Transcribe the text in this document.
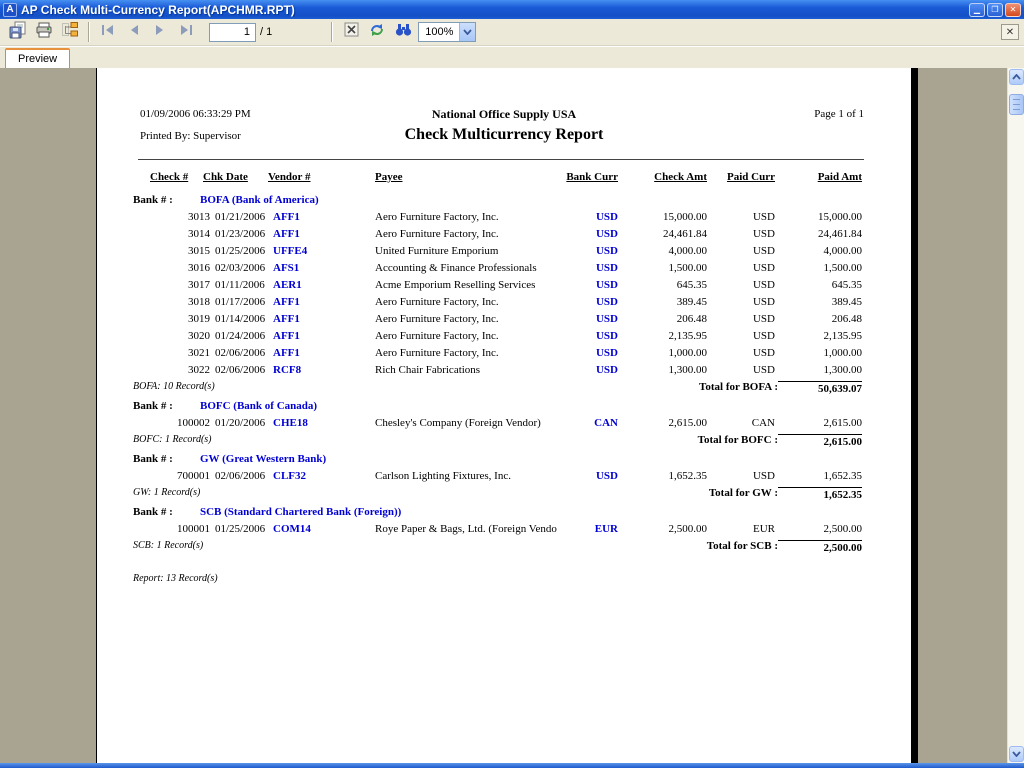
A AP Check Multi-Currency Report(APCHMR.RPT)	▁	❐	✕
1
/ 1	100%	✕
Preview
01/09/2006 06:33:29 PM	National Office Supply USA	Page 1 of 1
Printed By: Supervisor	Check Multicurrency Report
Check # Chk Date Vendor #	Payee	Bank Curr	Check Amt Paid Curr	Paid Amt
Bank # : BOFA (Bank of America)
3013 01/21/2006 AFF1	Aero Furniture Factory, Inc.	USD	15,000.00	USD	15,000.00
3014 01/23/2006 AFF1	Aero Furniture Factory, Inc.	USD	24,461.84	USD	24,461.84
3015 01/25/2006 UFFE4	United Furniture Emporium	USD	4,000.00	USD	4,000.00
3016 02/03/2006 AFS1	Accounting & Finance Professionals	USD	1,500.00	USD	1,500.00
3017 01/11/2006 AER1	Acme Emporium Reselling Services	USD	645.35	USD	645.35
3018 01/17/2006 AFF1	Aero Furniture Factory, Inc.	USD	389.45	USD	389.45
3019 01/14/2006 AFF1	Aero Furniture Factory, Inc.	USD	206.48	USD	206.48
3020 01/24/2006 AFF1	Aero Furniture Factory, Inc.	USD	2,135.95	USD	2,135.95
3021 02/06/2006 AFF1	Aero Furniture Factory, Inc.	USD	1,000.00	USD	1,000.00
3022 02/06/2006 RCF8	Rich Chair Fabrications	USD	1,300.00	USD	1,300.00
BOFA: 10 Record(s)	Total for BOFA :	50,639.07
Bank # : BOFC (Bank of Canada)
100002 01/20/2006 CHE18	Chesley's Company (Foreign Vendor)	CAN	2,615.00	CAN	2,615.00
BOFC: 1 Record(s)	Total for BOFC :	2,615.00
Bank # : GW (Great Western Bank)
700001 02/06/2006 CLF32	Carlson Lighting Fixtures, Inc.	USD	1,652.35	USD	1,652.35
GW: 1 Record(s)	Total for GW :	1,652.35
Bank # : SCB (Standard Chartered Bank (Foreign))
100001 01/25/2006 COM14	Roye Paper & Bags, Ltd. (Foreign Vendo	EUR	2,500.00	EUR	2,500.00
SCB: 1 Record(s)	Total for SCB :	2,500.00
Report: 13 Record(s)
